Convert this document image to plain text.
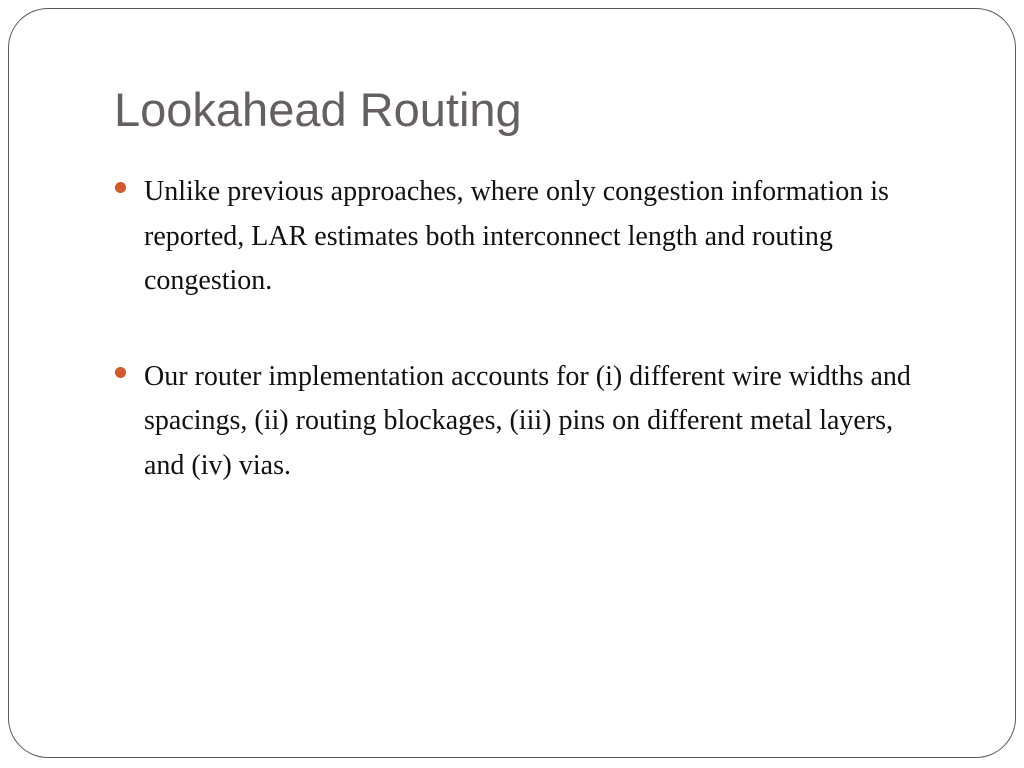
Lookahead Routing
Unlike previous approaches, where only congestion information is reported, LAR estimates both interconnect length and routing congestion.
Our router implementation accounts for (i) different wire widths and spacings, (ii) routing blockages, (iii) pins on different metal layers, and (iv) vias.
